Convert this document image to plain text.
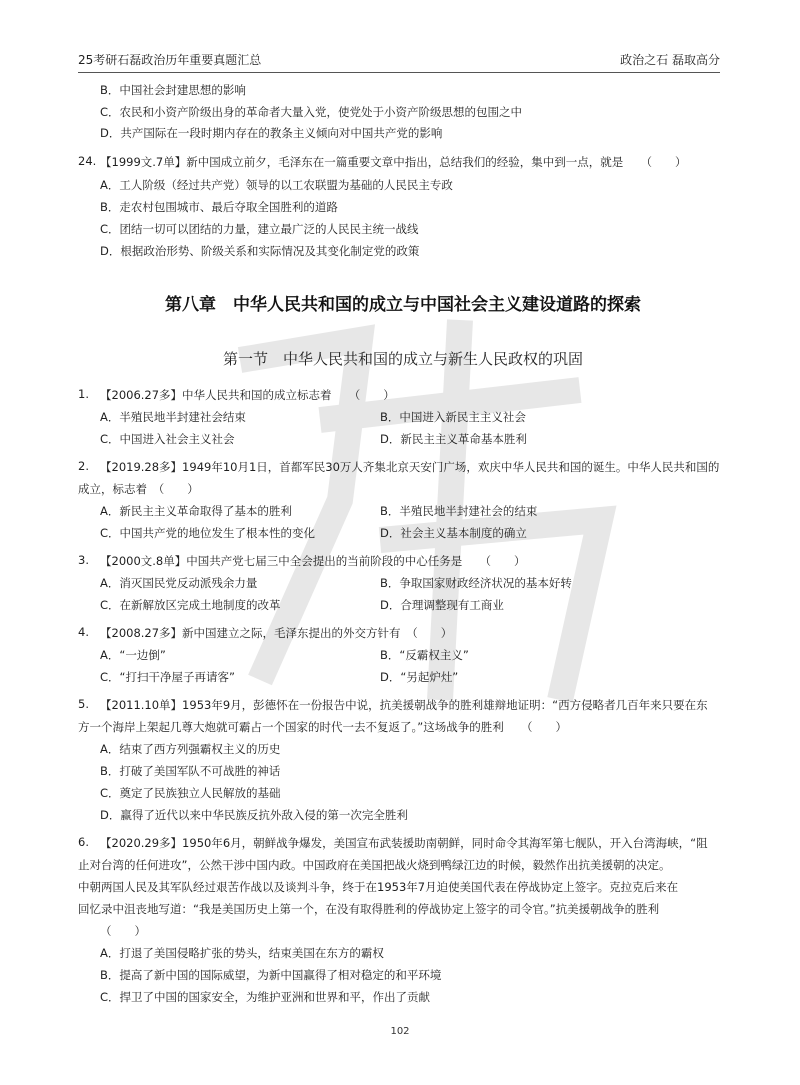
25考研石磊政治历年重要真题汇总	政治之石 磊取高分
B．中国社会封建思想的影响
C．农民和小资产阶级出身的革命者大量入党，使党处于小资产阶级思想的包围之中
D．共产国际在一段时期内存在的教条主义倾向对中国共产党的影响
24. 【1999文.7单】新中国成立前夕，毛泽东在一篇重要文章中指出，总结我们的经验，集中到一点，就是　　（　　）
A．工人阶级（经过共产党）领导的以工农联盟为基础的人民民主专政
B．走农村包围城市、最后夺取全国胜利的道路
C．团结一切可以团结的力量，建立最广泛的人民民主统一战线
D．根据政治形势、阶级关系和实际情况及其变化制定党的政策
第八章　中华人民共和国的成立与中国社会主义建设道路的探索
第一节　中华人民共和国的成立与新生人民政权的巩固
1. 【2006.27多】中华人民共和国的成立标志着　　（　　）
A．半殖民地半封建社会结束	B．中国进入新民主主义社会
C．中国进入社会主义社会	D．新民主主义革命基本胜利
2. 【2019.28多】1949年10月1日，首都军民30万人齐集北京天安门广场，欢庆中华人民共和国的诞生。中华人民共和国的
成立，标志着　（　　）
A．新民主主义革命取得了基本的胜利	B．半殖民地半封建社会的结束
C．中国共产党的地位发生了根本性的变化	D．社会主义基本制度的确立
3. 【2000文.8单】中国共产党七届三中全会提出的当前阶段的中心任务是　　（　　）
A．消灭国民党反动派残余力量	B．争取国家财政经济状况的基本好转
C．在新解放区完成土地制度的改革	D．合理调整现有工商业
4. 【2008.27多】新中国建立之际，毛泽东提出的外交方针有　（　　）
A．“一边倒”	B．“反霸权主义”
C．“打扫干净屋子再请客”	D．“另起炉灶”
5. 【2011.10单】1953年9月，彭德怀在一份报告中说，抗美援朝战争的胜利雄辩地证明：“西方侵略者几百年来只要在东
方一个海岸上架起几尊大炮就可霸占一个国家的时代一去不复返了。”这场战争的胜利　　（　　）
A．结束了西方列强霸权主义的历史
B．打破了美国军队不可战胜的神话
C．奠定了民族独立人民解放的基础
D．赢得了近代以来中华民族反抗外敌入侵的第一次完全胜利
6. 【2020.29多】1950年6月，朝鲜战争爆发，美国宣布武装援助南朝鲜，同时命令其海军第七舰队，开入台湾海峡，“阻
止对台湾的任何进攻”，公然干涉中国内政。中国政府在美国把战火烧到鸭绿江边的时候，毅然作出抗美援朝的决定。
中朝两国人民及其军队经过艰苦作战以及谈判斗争，终于在1953年7月迫使美国代表在停战协定上签字。克拉克后来在
回忆录中沮丧地写道：“我是美国历史上第一个，在没有取得胜利的停战协定上签字的司令官。”抗美援朝战争的胜利
（　　）
A．打退了美国侵略扩张的势头，结束美国在东方的霸权
B．提高了新中国的国际威望，为新中国赢得了相对稳定的和平环境
C．捍卫了中国的国家安全，为维护亚洲和世界和平，作出了贡献
102
